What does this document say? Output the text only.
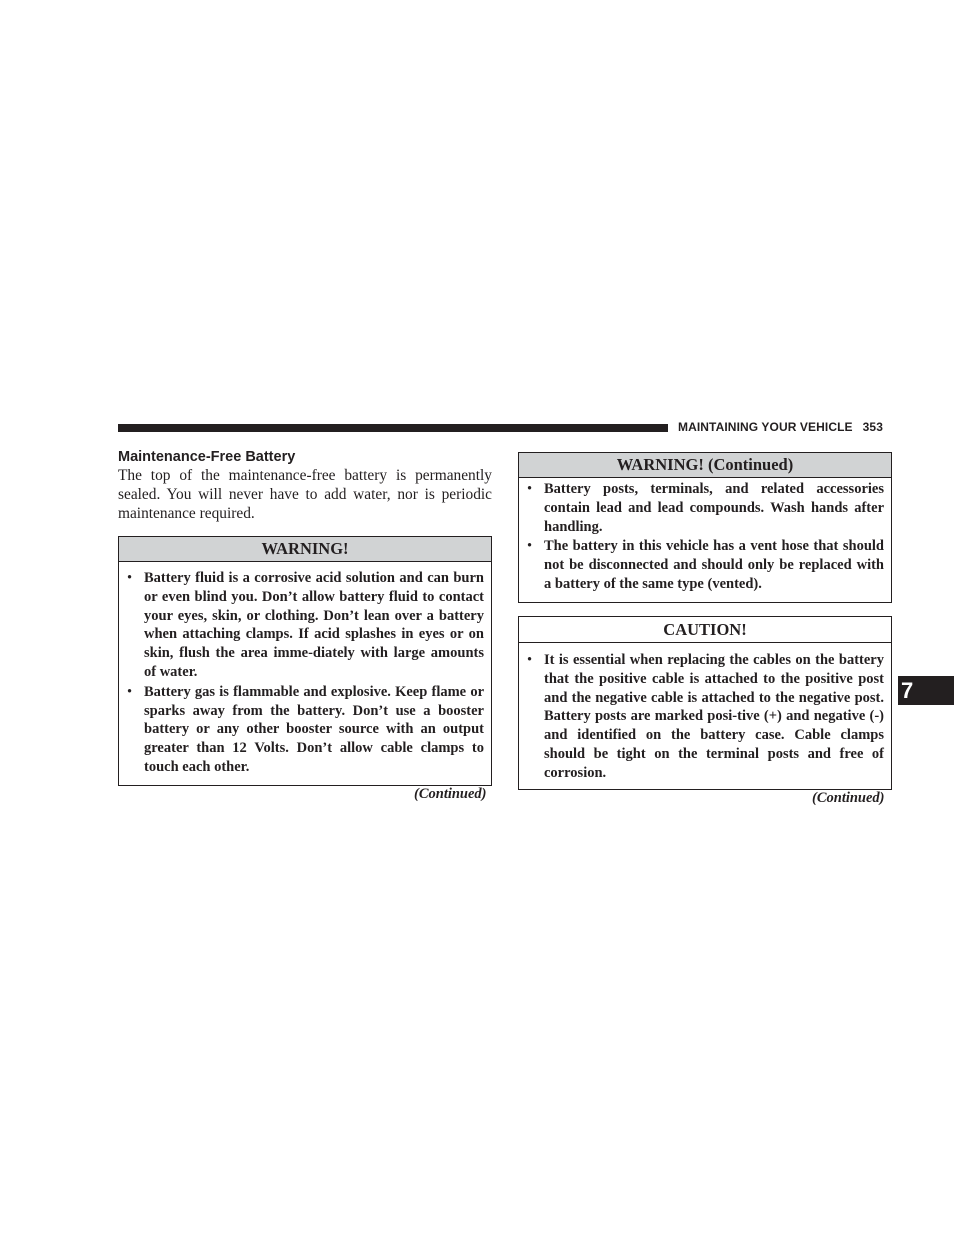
MAINTAINING YOUR VEHICLE 353
Maintenance-Free Battery
The top of the maintenance-free battery is permanently sealed. You will never have to add water, nor is periodic maintenance required.
WARNING!
• Battery fluid is a corrosive acid solution and can burn or even blind you. Don’t allow battery fluid to contact your eyes, skin, or clothing. Don’t lean over a battery when attaching clamps. If acid splashes in eyes or on skin, flush the area imme-diately with large amounts of water.
• Battery gas is flammable and explosive. Keep flame or sparks away from the battery. Don’t use a booster battery or any other booster source with an output greater than 12 Volts. Don’t allow cable clamps to touch each other.
(Continued)
WARNING! (Continued)
• Battery posts, terminals, and related accessories contain lead and lead compounds. Wash hands after handling.
• The battery in this vehicle has a vent hose that should not be disconnected and should only be replaced with a battery of the same type (vented).
CAUTION!
• It is essential when replacing the cables on the battery that the positive cable is attached to the positive post and the negative cable is attached to the negative post. Battery posts are marked posi-tive (+) and negative (-) and identified on the battery case. Cable clamps should be tight on the terminal posts and free of corrosion.
(Continued)
7
